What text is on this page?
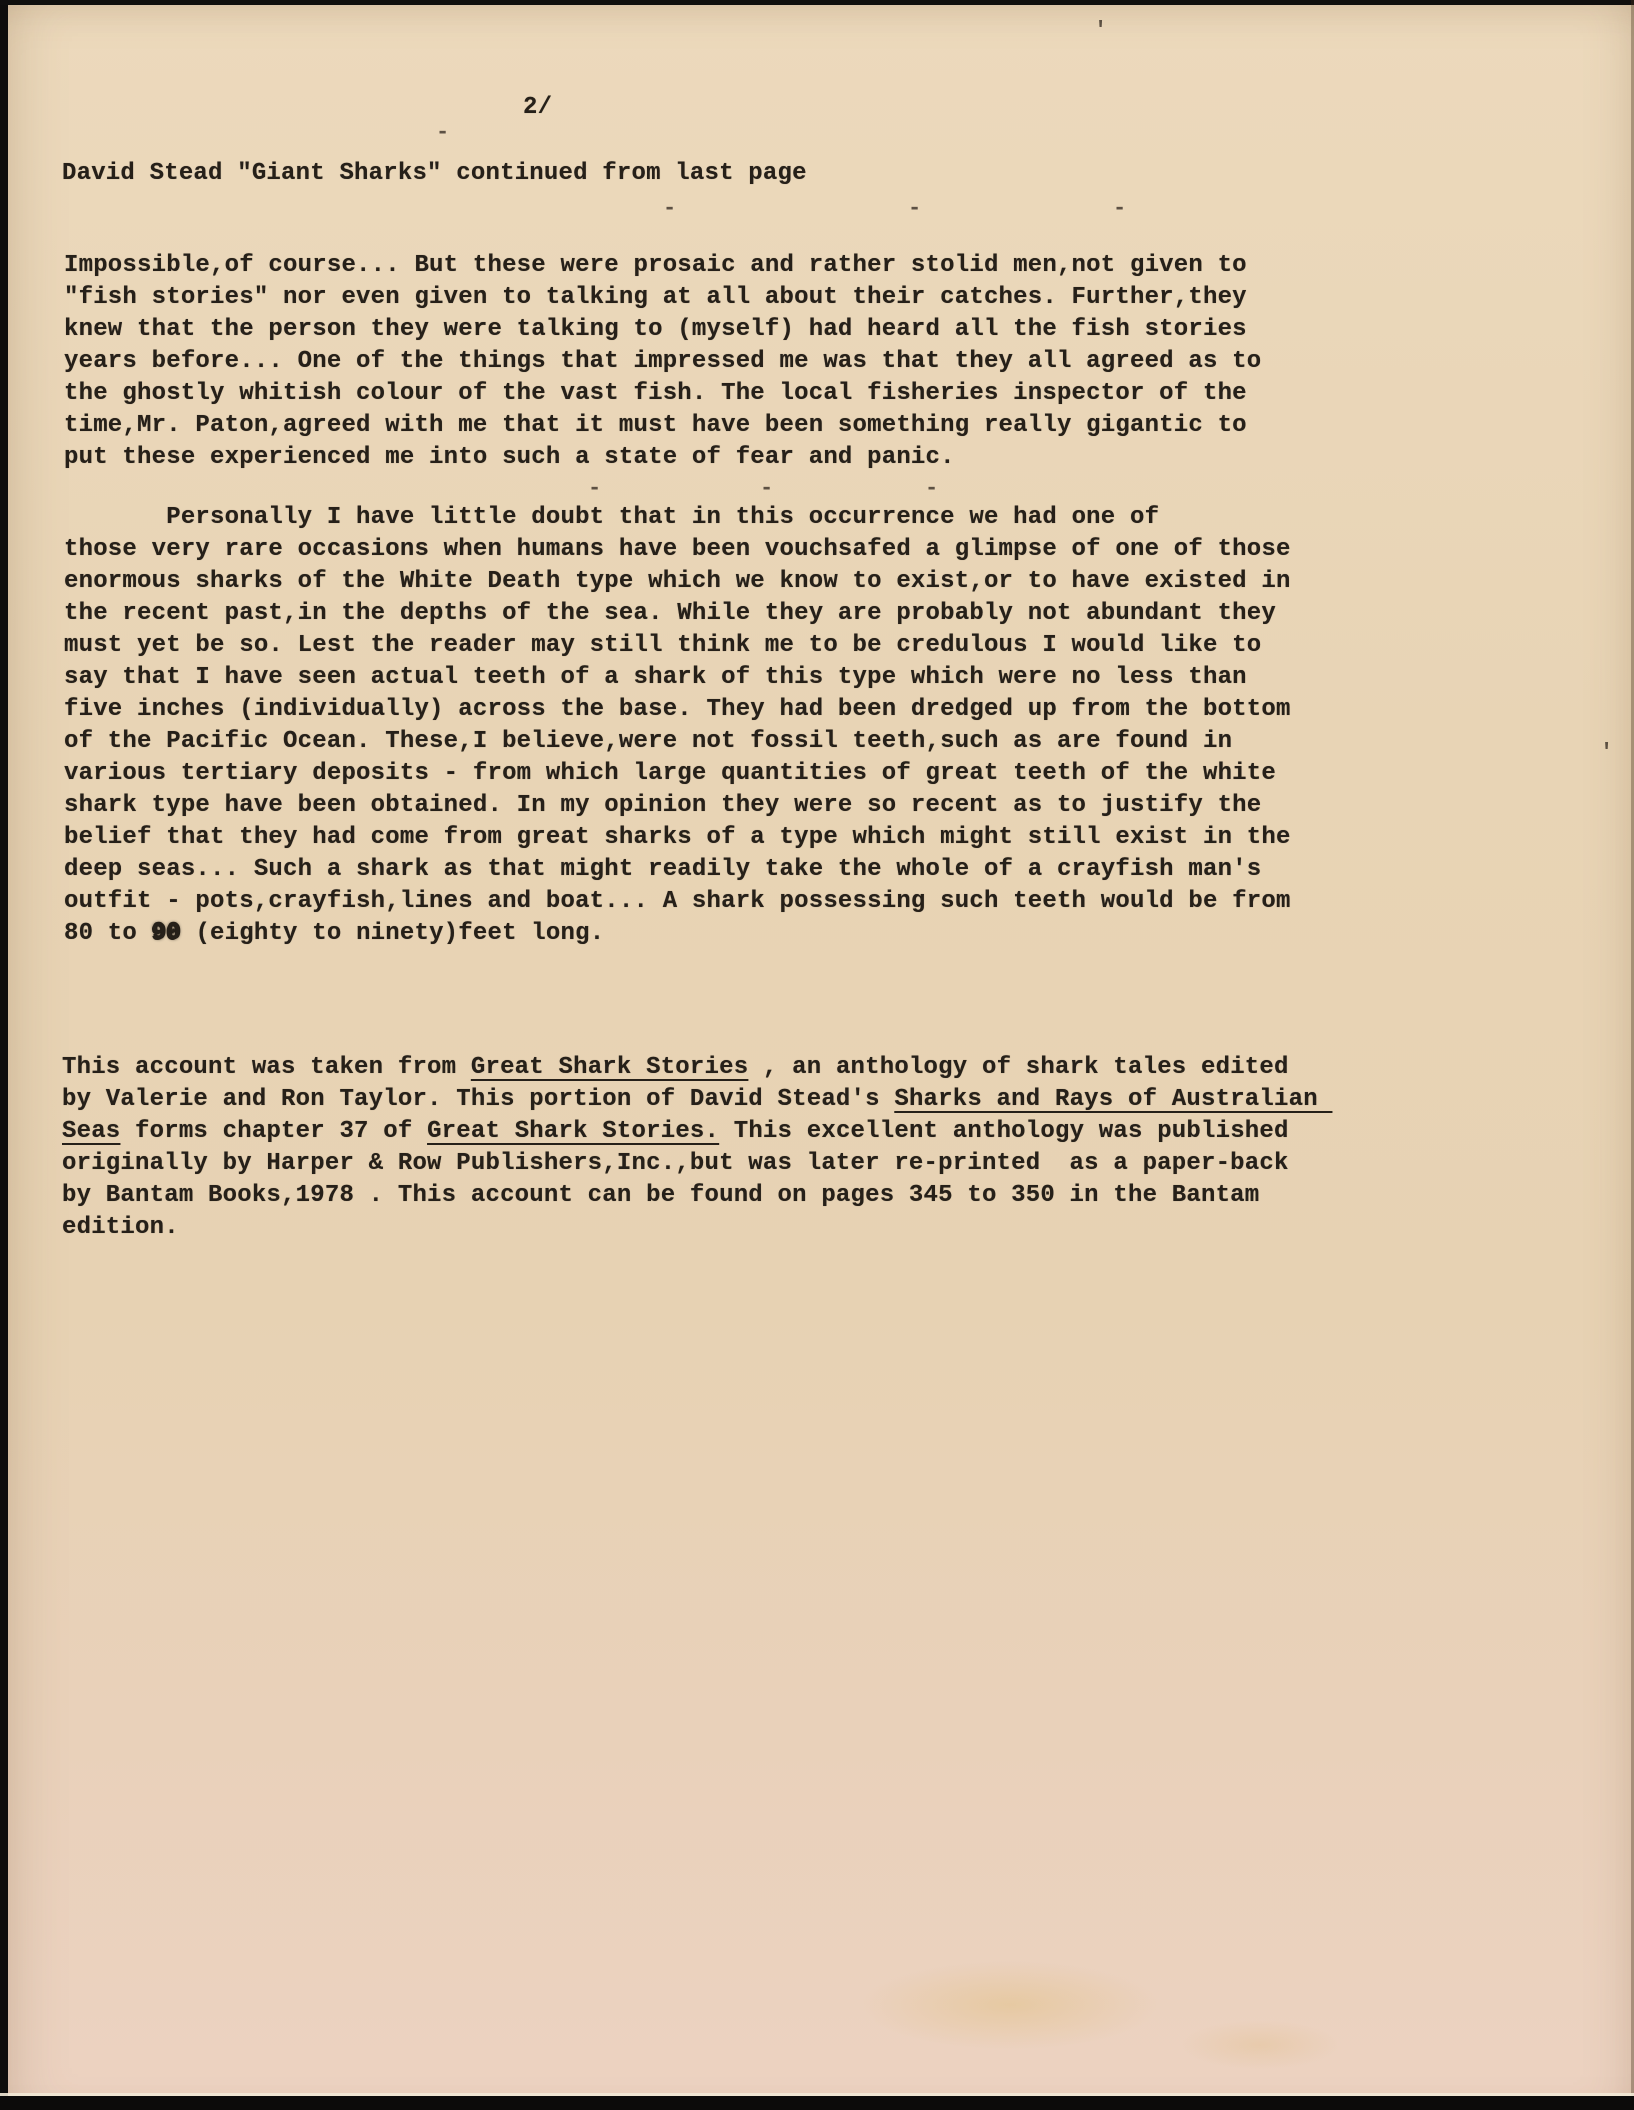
2/
David Stead "Giant Sharks" continued from last page
Impossible,of course... But these were prosaic and rather stolid men,not given to
"fish stories" nor even given to talking at all about their catches. Further,they
knew that the person they were talking to (myself) had heard all the fish stories
years before... One of the things that impressed me was that they all agreed as to
the ghostly whitish colour of the vast fish. The local fisheries inspector of the
time,Mr. Paton,agreed with me that it must have been something really gigantic to
put these experienced me into such a state of fear and panic.
Personally I have little doubt that in this occurrence we had one of
those very rare occasions when humans have been vouchsafed a glimpse of one of those
enormous sharks of the White Death type which we know to exist,or to have existed in
the recent past,in the depths of the sea. While they are probably not abundant they
must yet be so. Lest the reader may still think me to be credulous I would like to
say that I have seen actual teeth of a shark of this type which were no less than
five inches (individually) across the base. They had been dredged up from the bottom
of the Pacific Ocean. These,I believe,were not fossil teeth,such as are found in
various tertiary deposits - from which large quantities of great teeth of the white
shark type have been obtained. In my opinion they were so recent as to justify the
belief that they had come from great sharks of a type which might still exist in the
deep seas... Such a shark as that might readily take the whole of a crayfish man's
outfit - pots,crayfish,lines and boat... A shark possessing such teeth would be from
80 to 90 (eighty to ninety)feet long.
This account was taken from Great Shark Stories , an anthology of shark tales edited
by Valerie and Ron Taylor. This portion of David Stead's Sharks and Rays of Australian
Seas forms chapter 37 of Great Shark Stories. This excellent anthology was published
originally by Harper & Row Publishers,Inc.,but was later re-printed  as a paper-back
by Bantam Books,1978 . This account can be found on pages 345 to 350 in the Bantam
edition.
-
-	-	-
-	-	-
'
'
